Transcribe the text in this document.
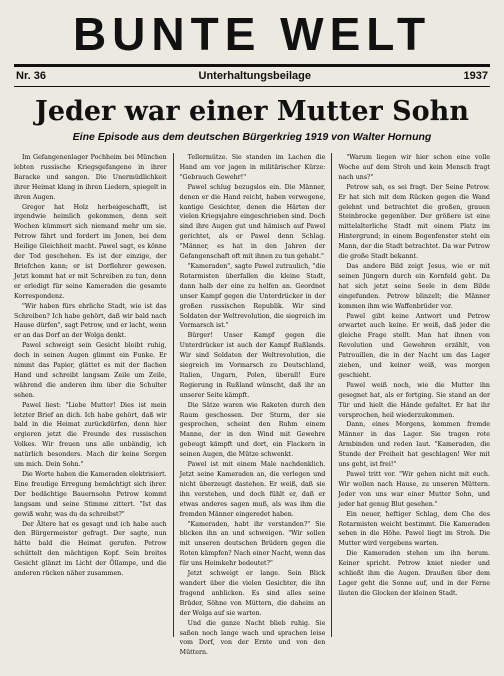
BUNTE WELT
Nr. 36	Unterhaltungsbeilage	1937
Jeder war einer Mutter Sohn
Eine Episode aus dem deutschen Bürgerkrieg 1919 von Walter Hornung

Im Gefangenenlager Pochheim bei München lebten russische Kriegsgefangene in ihrer Baracke und sangen. Die Unermüdlichkeit ihrer Heimat klang in ihren Liedern, spiegelt in ihren Augen.

Gregor hat Holz herbeigeschafft, ist irgendwie heimlich gekommen, denn seit Wochen kümmert sich niemand mehr um sie. Petrow fährt und fordert im Jonen, bei dem Heilige Gleichheit macht. Pawel sagt, es könne der Tod geschehen. Es ist der einzige, der Briefchen kann; er ist Dorflehrer gewesen. Jetzt kommt hat er mit Schreiben zu tun, denn er erledigt für seine Kameraden die gesamte Korrespondenz.

"Wir haben fürs ehrliche Stadt, wie ist das Schreiben? Ich habe gehört, daß wir bald nach Hause dürfen", sagt Petrow, und er lacht, wenn er an das Dorf an der Wolga denkt.

Pawel schweigt sein Gesicht bleibt ruhig, doch in seinen Augen glimmt ein Funke. Er nimmt das Papier, glättet es mit der flachen Hand und schreibt langsam Zeile um Zeile, während die anderen ihm über die Schulter sehen.

Pawel liest: "Liebe Mutter! Dies ist mein letzter Brief an dich. Ich habe gehört, daß wir bald in die Heimat zurückdürfen, denn hier ergieren jetzt die Freunde des russischen Volkes. Wir freuen uns alle unbändig, ich natürlich besonders. Mach dir keine Sorgen um mich. Dein Sohn."

Die Worte haben die Kameraden elektrisiert. Eine freudige Erregung bemächtigt sich ihrer. Der bedächtige Bauernsohn Petrow kommt langsam und seine Stimme zittert. "Ist das gewiß wahr, was du da schreibst?"

Der Ältere hat es gesagt und ich habe auch den Bürgermeister gefragt. Der sagte, nun hätte bald die Heimat gerufen. Petrow schüttelt den mächtigen Kopf. Sein breites Gesicht glänzt im Licht der Öllampe, und die anderen rücken näher zusammen.

Tellermütze. Sie standen im Lachen die Hand am vor jagen in militärischer Kürze: "Gebrauch Gewehr!"

Pawel schlug bezugslos ein. Die Männer, denen er die Hand reicht, haben verwegene, kantige Gesichter, denen die Härten der vielen Kriegsjahre eingeschrieben sind. Doch sind ihre Augen gut und hämisch auf Pawel gerichtet, als er Pawel denn Schlag. "Männer, es hat in den Jahren der Gefangenschaft oft mit ihnen zu tun gehabt."

"Kameraden", sagte Pawel zutraulich, "die Rotarmisten überfallen die kleine Stadt, dann halb der eine zu helfen an. Geordnet unser Kampf gegen die Unterdrücker in der großen russischen Republik. Wir sind Soldaten der Weltrevolution, die siegreich im Vormarsch ist."

Bürger! Unser Kampf gegen die Unterdrücker ist auch der Kampf Rußlands. Wir sind Soldaten der Weltrevolution, die siegreich im Vormarsch zu Deutschland, Italien, Ungarn, Polen, überall! Eure Regierung in Rußland wünscht, daß ihr an unserer Seite kämpft.

Die Sätze waren wie Raketen durch den Raum geschossen. Der Sturm, der sie gesprochen, scheint den Ruhm einem Manne, der in den Wind mit Gewehre gebeugt kämpft und dort, ein Flackern in seinen Augen, die Mütze schwenkt.

Pawel ist mit einem Male nachdenklich. Jetzt seine Kameraden an, die verlegen und nicht überzeugt dastehen. Er weiß, daß sie ihn verstehen, und doch fühlt er, daß er etwas anderes sagen muß, als was ihm die fremden Männer eingeredet haben.

"Kameraden, habt ihr verstanden?" Sie blicken ihn an und schweigen. "Wir sollen mit unseren deutschen Brüdern gegen die Roten kämpfen? Nach einer Nacht, wenn das für uns Heimkehr bedeutet?"

Jetzt schweigt er lange. Sein Blick wandert über die vielen Gesichter, die ihn fragend anblicken. Es sind alles seine Brüder, Söhne von Müttern, die daheim an der Wolga auf sie warten.

Und die ganze Nacht blieb ruhig. Sie saßen noch lange wach und sprachen leise vom Dorf, von der Ernte und von den Müttern.

"Warum liegen wir hier schon eine volle Woche auf dem Stroh und kein Mensch fragt nach uns?"

Petrow sah, es sei fragt. Der Seine Petrow. Er hat sich mit dem Rücken gegen die Wand gelehnt und betrachtet die großen, grauen Steinbrocke gegenüber. Der größere ist eine mittelalterliche Stadt mit einem Platz im Hintergrund; in einem Bogenfenster steht ein Mann, der die Stadt betrachtet. Da war Petrow die große Stadt bekannt.

Das andere Bild zeigt Jesus, wie er mit seinen Jüngern durch ein Kornfeld geht. Da hat sich jetzt seine Seele in dem Bilde eingefunden. Petrow blinzelt; die Männer kommen ihm wie Waffenbrüder vor.

Pawel gibt keine Antwort und Petrow erwartet auch keine. Er weiß, daß jeder die gleiche Frage stellt. Man hat ihnen von Revolution und Gewehren erzählt, von Patrouillen, die in der Nacht um das Lager ziehen, und keiner weiß, was morgen geschieht.

Pawel weiß noch, wie die Mutter ihn gesegnet hat, als er fortging. Sie stand an der Tür und hielt die Hände gefaltet. Er hat ihr versprochen, heil wiederzukommen.

Dann, eines Morgens, kommen fremde Männer in das Lager. Sie tragen rote Armbinden und reden laut. "Kameraden, die Stunde der Freiheit hat geschlagen! Wer mit uns geht, ist frei!"

Pawel tritt vor. "Wir gehen nicht mit euch. Wir wollen nach Hause, zu unseren Müttern. Jeder von uns war einer Mutter Sohn, und jeder hat genug Blut gesehen."

Ein neuer, heftiger Schlag, dem Che des Rotarmisten weicht bestimmt. Die Kameraden sehen in die Höhe. Pawel liegt im Stroh. Die Mutter wird vergebens warten.

Die Kameraden stehen um ihn herum. Keiner spricht. Petrow kniet nieder und schließt ihm die Augen. Draußen über dem Lager geht die Sonne auf, und in der Ferne läuten die Glocken der kleinen Stadt.
